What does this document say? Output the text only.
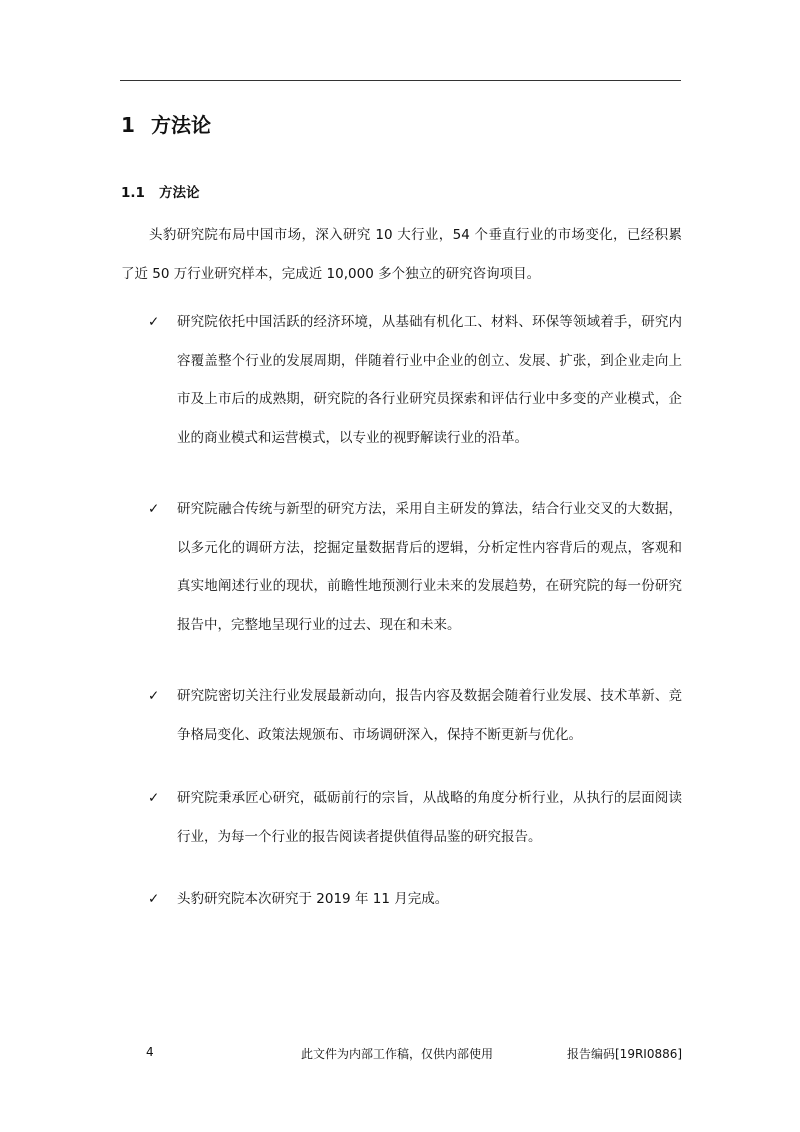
1 方法论
1.1 方法论

头豹研究院布局中国市场，深入研究 10 大行业，54 个垂直行业的市场变化，已经积累了近 50 万行业研究样本，完成近 10,000 多个独立的研究咨询项目。

✓ 研究院依托中国活跃的经济环境，从基础有机化工、材料、环保等领域着手，研究内容覆盖整个行业的发展周期，伴随着行业中企业的创立、发展、扩张，到企业走向上市及上市后的成熟期，研究院的各行业研究员探索和评估行业中多变的产业模式，企业的商业模式和运营模式，以专业的视野解读行业的沿革。
✓ 研究院融合传统与新型的研究方法，采用自主研发的算法，结合行业交叉的大数据，以多元化的调研方法，挖掘定量数据背后的逻辑，分析定性内容背后的观点，客观和真实地阐述行业的现状，前瞻性地预测行业未来的发展趋势，在研究院的每一份研究报告中，完整地呈现行业的过去、现在和未来。
✓ 研究院密切关注行业发展最新动向，报告内容及数据会随着行业发展、技术革新、竞争格局变化、政策法规颁布、市场调研深入，保持不断更新与优化。
✓ 研究院秉承匠心研究，砥砺前行的宗旨，从战略的角度分析行业，从执行的层面阅读行业，为每一个行业的报告阅读者提供值得品鉴的研究报告。
✓ 头豹研究院本次研究于 2019 年 11 月完成。
4	此文件为内部工作稿，仅供内部使用	报告编码[19RI0886]
